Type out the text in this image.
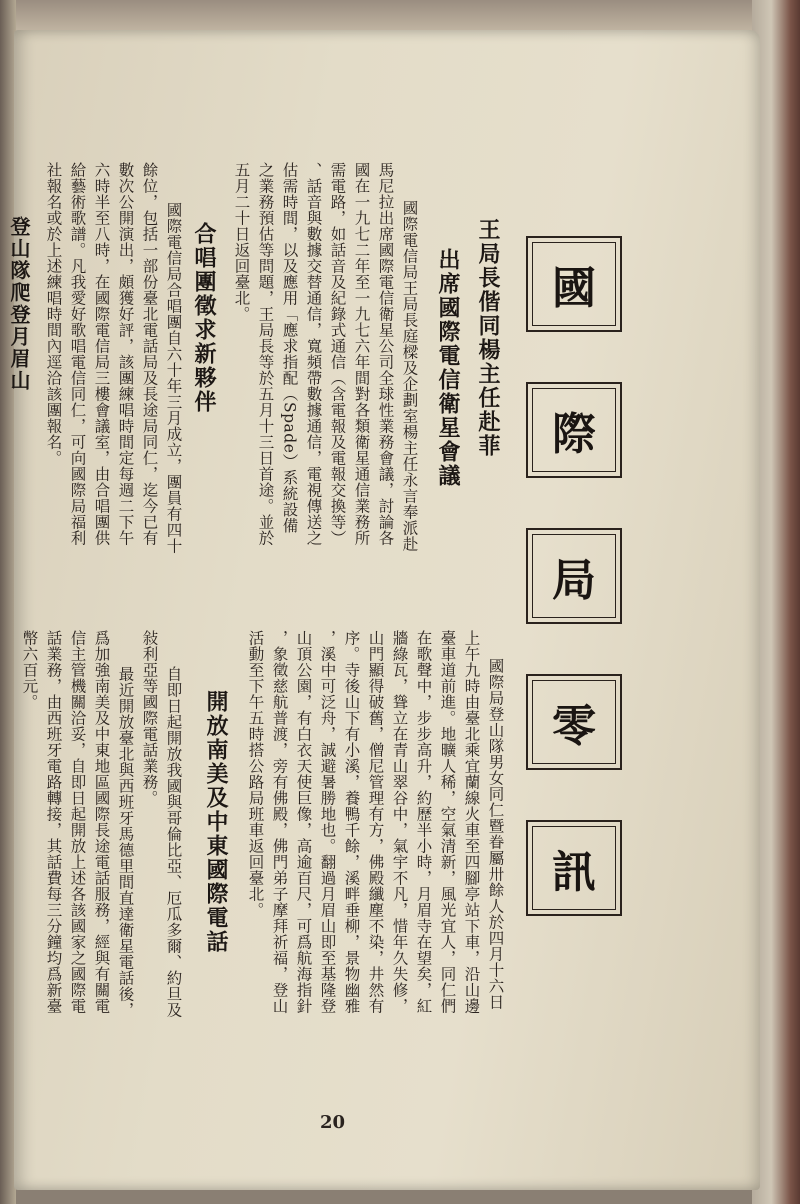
國
際
局
零
訊
王局長偕同楊主任赴菲
出席國際電信衛星會議
國際電信局王局長庭樑及企劃室楊主任永言奉派赴
馬尼拉出席國際電信衛星公司全球性業務會議，討論各
國在一九七二年至一九七六年間對各類衛星通信業務所
需電路，如話音及紀錄式通信（含電報及電報交換等）
、話音與數據交替通信，寬頻帶數據通信，電視傳送之
估需時間，以及應用「應求指配（Spade）系統設備
之業務預估等問題，王局長等於五月十三日首途。並於
五月二十日返回臺北。
合唱團徵求新夥伴
國際電信局合唱團自六十年三月成立，團員有四十
餘位，包括一部份臺北電話局及長途局同仁，迄今已有
數次公開演出，頗獲好評，該團練唱時間定每週二下午
六時半至八時，在國際電信局三樓會議室，由合唱團供
給藝術歌譜。凡我愛好歌唱電信同仁，可向國際局福利
社報名或於上述練唱時間內逕洽該團報名。
登山隊爬登月眉山
國際局登山隊男女同仁暨眷屬卅餘人於四月十六日
上午九時由臺北乘宜蘭線火車至四腳亭站下車，沿山邊
臺車道前進。地曠人稀，空氣清新，風光宜人，同仁們
在歌聲中，步步高升，約歷半小時，月眉寺在望矣，紅
牆綠瓦，聳立在青山翠谷中，氣宇不凡，惜年久失修，
山門顯得破舊，僧尼管理有方，佛殿纖塵不染，井然有
序。寺後山下有小溪，養鴨千餘，溪畔垂柳，景物幽雅
，溪中可泛舟，誠避暑勝地也。翻過月眉山即至基隆登
山頂公園，有白衣天使巨像，高逾百尺，可爲航海指針
，象徵慈航普渡，旁有佛殿，佛門弟子摩拜祈福，登山
活動至下午五時搭公路局班車返回臺北。
開放南美及中東國際電話
自即日起開放我國與哥倫比亞、厄瓜多爾、約旦及
敍利亞等國際電話業務。
最近開放臺北與西班牙馬德里間直達衛星電話後，
爲加強南美及中東地區國際長途電話服務，經與有關電
信主管機關洽妥，自即日起開放上述各該國家之國際電
話業務，由西班牙電路轉接，其話費每三分鐘均爲新臺
幣六百元。
20
